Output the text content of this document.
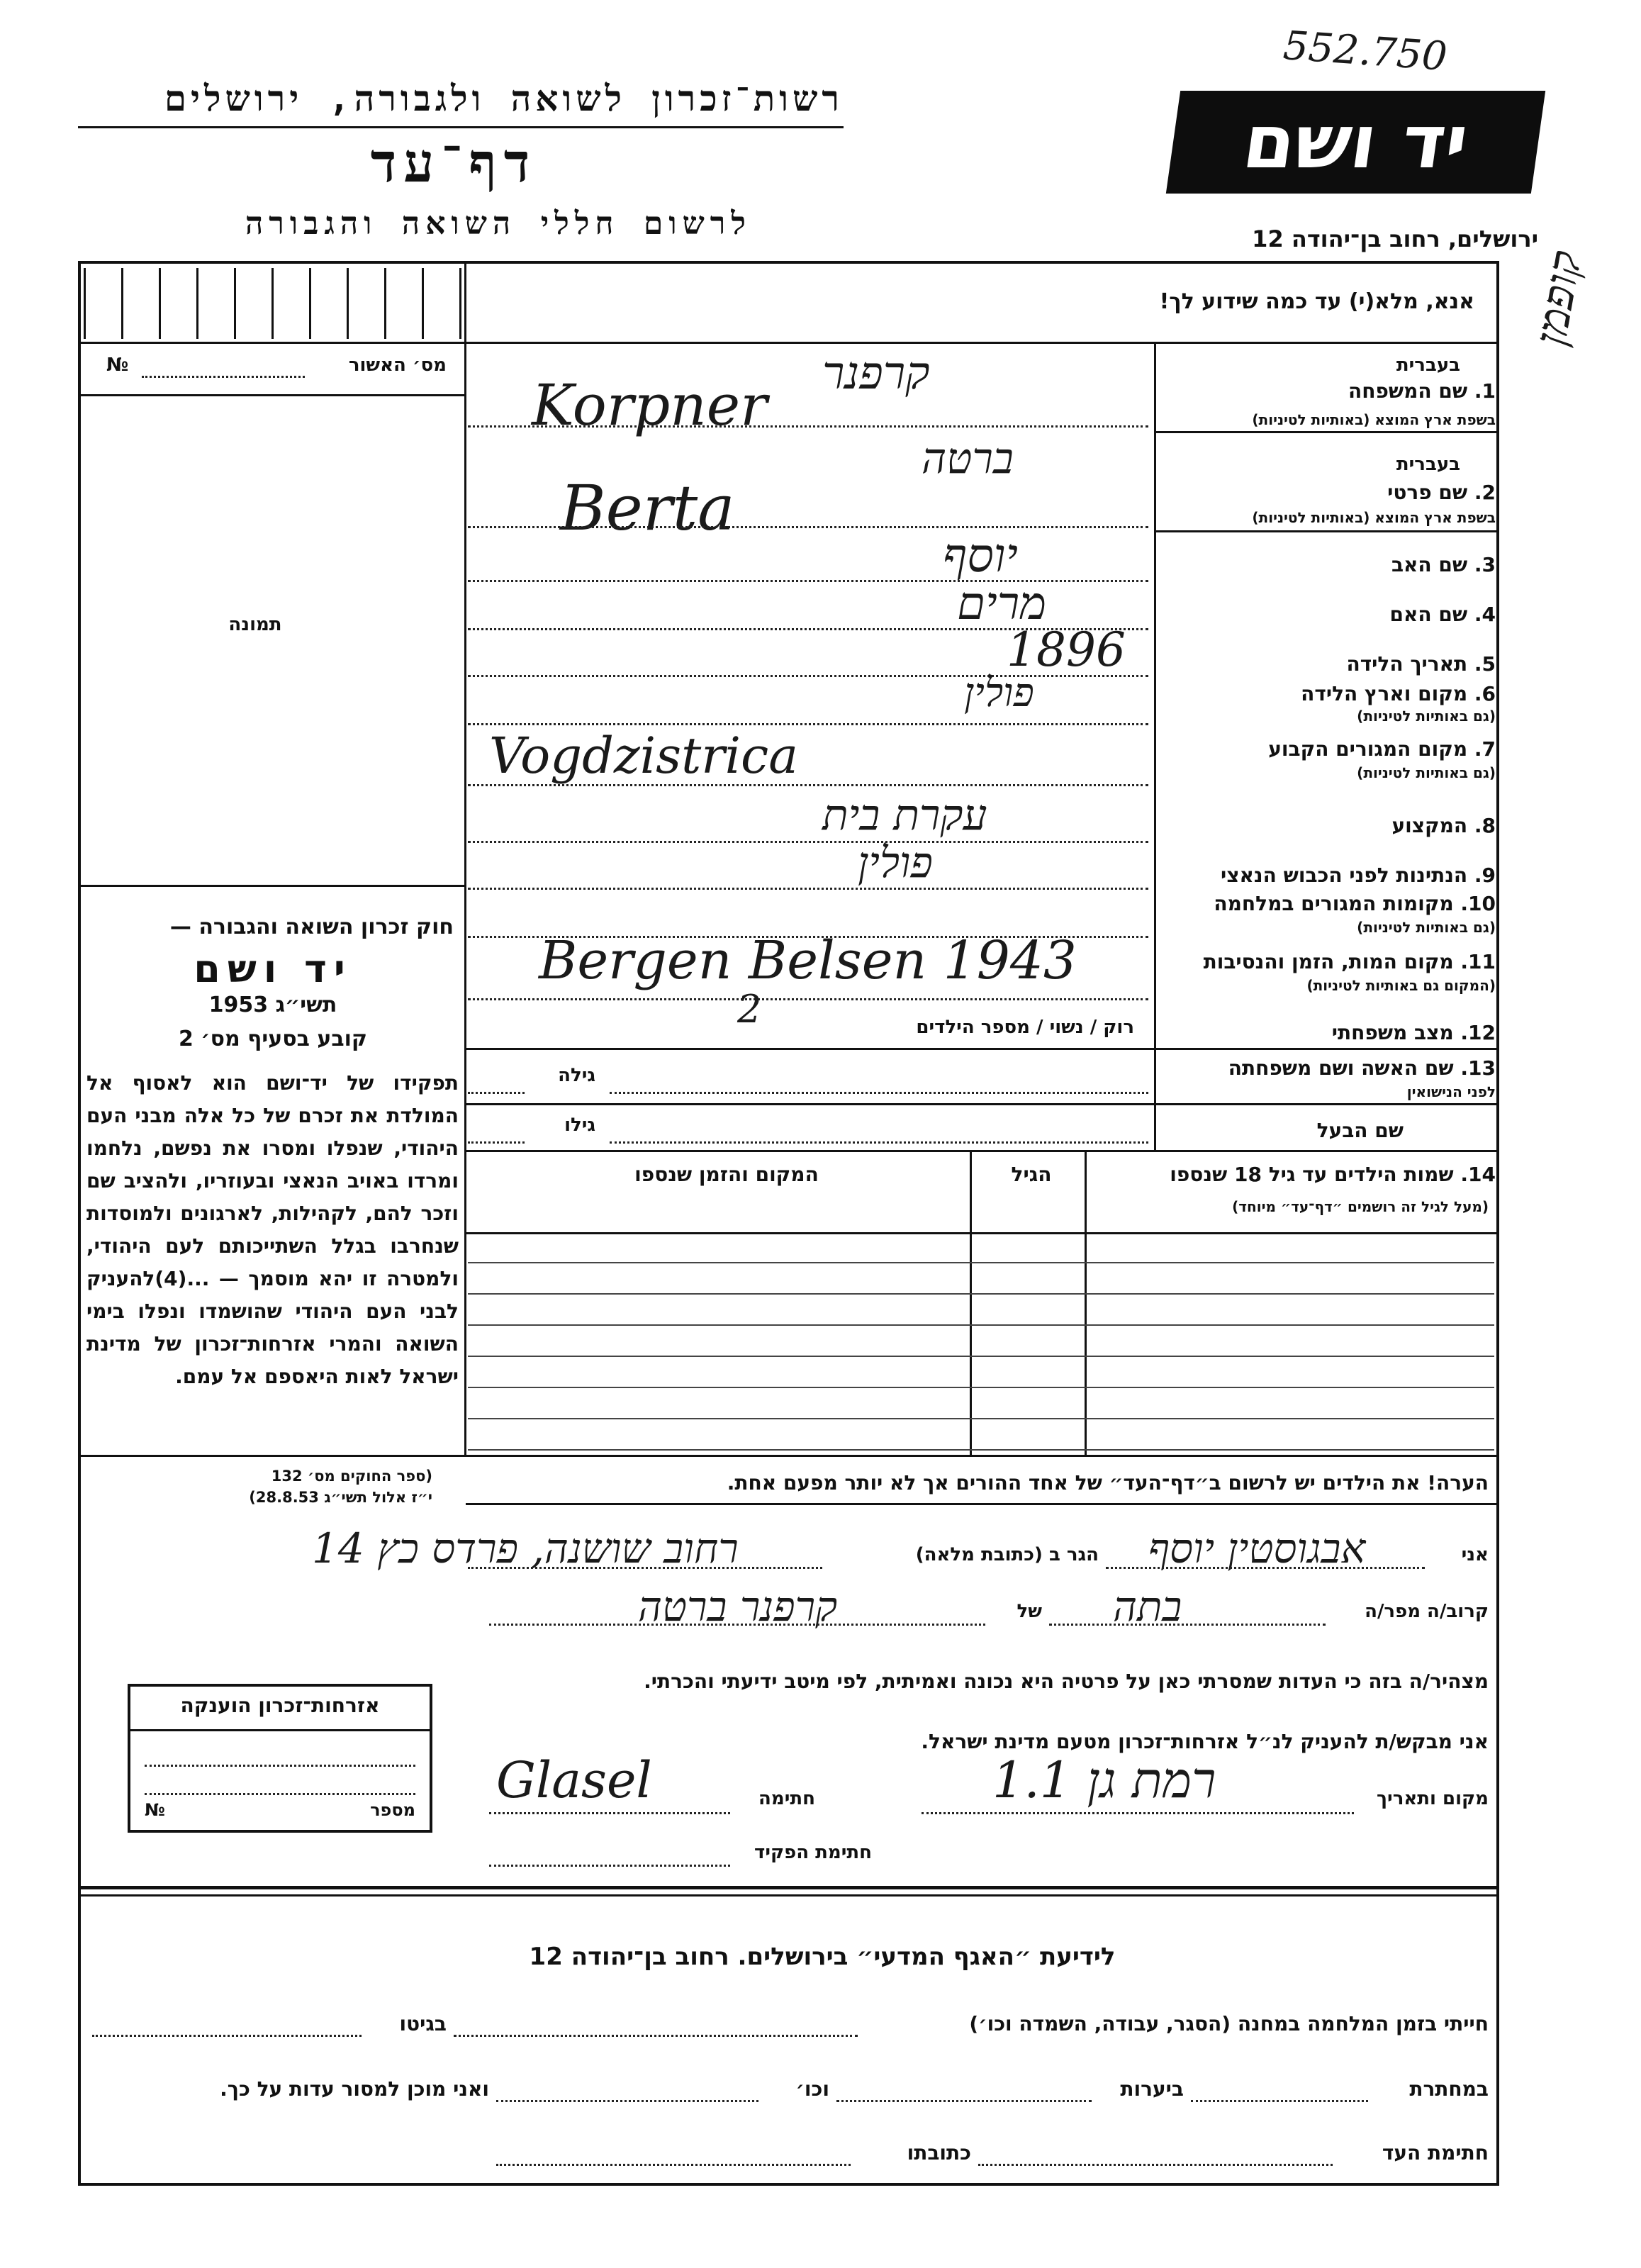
552.750
רשות־זכרון לשואה ולגבורה, ירושלים
דף־עד
לרשום חללי השואה והגבורה
יד ושם
ירושלים, רחוב בן־יהודה 12
קופמן
אנא, מלא(י) עד כמה שידוע לך!
מס׳ האשור
№
תמונה
חוק זכרון השואה והגבורה —
יד ושם
תשי״ג 1953
קובע בסעיף מס׳ 2
תפקידו של יד־ושם הוא לאסוף אל המולדת את זכרם של כל אלה מבני העם היהודי, שנפלו ומסרו את נפשם, נלחמו ומרדו באויב הנאצי ובעוזריו, ולהציב שם וזכר להם, לקהילות, לארגונים ולמוסדות שנחרבו בגלל השתייכותם לעם היהודי, ולמטרה זו יהא מוסמך — ...(4)להעניק לבני העם היהודי שהושמדו ונפלו בימי השואה והמרי אזרחות־זכרון של מדינת ישראל לאות היאספם אל עמם.
(ספר החוקים מס׳ 132
י״ז אלול תשי״ג 28.8.53)
אזרחות־זכרון הוענקה
מספר
№
בעברית
1. שם המשפחה
בשפת ארץ המוצא (באותיות לטיניות)
קרפנר
Korpner
בעברית
2. שם פרטי
בשפת ארץ המוצא (באותיות לטיניות)
ברטה
Berta
3. שם האב
יוסף
4. שם האם
מרים
5. תאריך הלידה
1896
6. מקום וארץ הלידה
(גם באותיות לטיניות)
פולין
7. מקום המגורים הקבוע
(גם באותיות לטיניות)
Vogdzistrica
8. המקצוע
עקרת בית
9. הנתינות לפני הכבוש הנאצי
פולין
10. מקומות המגורים במלחמה
(גם באותיות לטיניות)
11. מקום המות, הזמן והנסיבות
(המקום גם באותיות לטיניות)
Bergen Belsen 1943
12. מצב משפחתי
רוק / נשוי / מספר הילדים
2
13. שם האשה ושם משפחתה
לפני הנישואין
גילה
שם הבעל
גילו
14. שמות הילדים עד גיל 18 שנספו
(מעל לגיל זה רושמים ״דף־עד״ מיוחד)
הגיל
המקום והזמן שנספו
הערה! את הילדים יש לרשום ב״דף־העד״ של אחד ההורים אך לא יותר מפעם אחת.
אני
אבגוסטין יוסף
הגר ב (כתובת מלאה)
רחוב שושנה, פרדס כץ 14
קרוב/ה מפר/ה
בתה
של
קרפנר ברטה
מצהיר/ה בזה כי העדות שמסרתי כאן על פרטיה היא נכונה ואמיתית, לפי מיטב ידיעתי והכרתי.
אני מבקש/ת להעניק לנ״ל אזרחות־זכרון מטעם מדינת ישראל.
מקום ותאריך
רמת גן 1.1
חתימה
Glasel
חתימת הפקיד
לידיעת ״האגף המדעי״ בירושלים. רחוב בן־יהודה 12
חייתי בזמן המלחמה במחנה (הסגר, עבודה, השמדה וכו׳)
בגיטו
במחתרת
ביערות
וכו׳
ואני מוכן למסור עדות על כך.
חתימת העד
כתובתו
